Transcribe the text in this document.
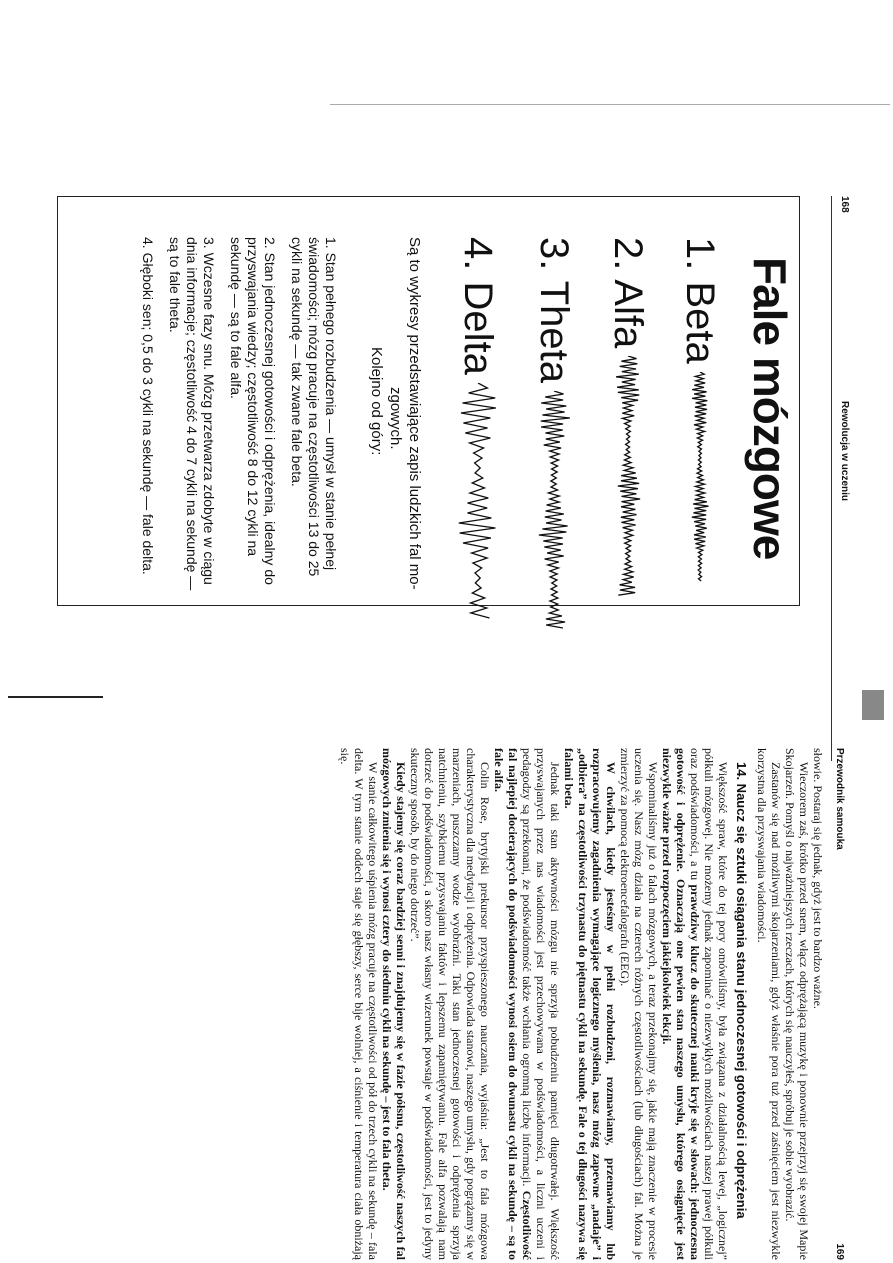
168
Rewolucja w uczeniu
Fale mózgowe
1. Beta
2. Alfa
3. Theta
4. Delta
Są to wykresy przedstawiające zapis ludzkich fal mo-

zgowych.
Kolejno od góry:

1. Stan pełnego rozbudzenia — umysł w stanie pełnej świadomości; mózg pracuje na częstotliwości 13 do 25 cykli na sekundę — tak zwane fale beta.

2. Stan jednoczesnej gotowości i odprężenia, idealny do przyswajania wiedzy; częstotliwość 8 do 12 cykli na sekundę — są to fale alfa.

3. Wczesne fazy snu. Mózg przetwarza zdobyte w ciągu dnia informacje; częstotliwość 4 do 7 cykli na sekundę — są to fale theta.

4. Głęboki sen; 0,5 do 3 cykli na sekundę — fale delta.

Przewodnik samouka
169

słowie. Postaraj się jednak, gdyż jest to bardzo ważne.

Wieczorem zaś, krótko przed snem, włącz odprężającą muzykę i ponownie przejrzyj się swojej Mapie Skojarzeń. Pomyśl o najważniejszych rzeczach, których się nauczyłeś, spróbuj je sobie wyobrazić.

Zastanów się nad możliwymi skojarzeniami, gdyż właśnie pora tuż przed zaśnięciem jest niezwykle korzystna dla przyswajania wiadomości.

14. Naucz się sztuki osiągania stanu jednoczesnej gotowości i odprężenia

Większość spraw, które do tej pory omówiliśmy, była związana z działalnością lewej, „logicznej” półkuli mózgowej. Nie możemy jednak zapominać o niezwykłych możliwościach naszej prawej półkuli oraz podświadomości, a tu prawdziwy klucz do skutecznej nauki kryje się w słowach: jednoczesna gotowość i odprężenie. Oznaczają one pewien stan naszego umysłu, którego osiągnięcie jest niezwykle ważne przed rozpoczęciem jakiejkolwiek lekcji.

Wspominaliśmy już o falach mózgowych, a teraz przekonajmy się, jakie mają znaczenie w procesie uczenia się. Nasz mózg działa na czterech różnych częstotliwościach (lub długościach) fal. Można je zmierzyć za pomocą elektroencefalografu (EEG).

W chwilach, kiedy jesteśmy w pełni rozbudzeni, rozmawiamy, przemawiamy lub rozpracowujemy zagadnienia wymagające logicznego myślenia, nasz mózg zapewne „nadaje” i „odbiera” na częstotliwości trzynastu do piętnastu cykli na sekundę. Fale o tej długości nazywa się falami beta.

Jednak taki stan aktywności mózgu nie sprzyja pobudzeniu pamięci długotrwałej. Większość przyswajanych przez nas wiadomości jest przechowywana w podświadomości, a liczni uczeni i pedagodzy są przekonani, że podświadomość także wchłania ogromną liczbę informacji. Częstotliwość fal najlepiej docierających do podświadomości wynosi osiem do dwunastu cykli na sekundę – są to fale alfa.

Colin Rose, brytyjski prekursor przyspieszonego nauczania, wyjaśnia: „Jest to fala mózgowa charakterystyczna dla medytacji i odprężenia. Odpowiada stanowi, naszego umysłu, gdy pogrążamy się w marzeniach, puszczamy wodze wyobraźni. Taki stan jednoczesnej gotowości i odprężenia sprzyja natchnieniu, szybkiemu przyswajaniu faktów i lepszemu zapamiętywaniu. Fale alfa pozwalają nam dotrzeć do podświadomości, a skoro nasz własny wizerunek powstaje w podświadomości, jest to jedyny skuteczny sposób, by do niego dotrzeć”.

Kiedy stajemy się coraz bardziej senni i znajdujemy się w fazie półsnu, częstotliwość naszych fal mózgowych zmienia się i wynosi cztery do siedmiu cykli na sekundę – jest to fala theta.

W stanie całkowitego uśpienia mózg pracuje na częstotliwości od pół do trzech cykli na sekundę – fala delta. W tym stanie oddech staje się głębszy, serce bije wolniej, a ciśnienie i temperatura ciała obniżają się.
